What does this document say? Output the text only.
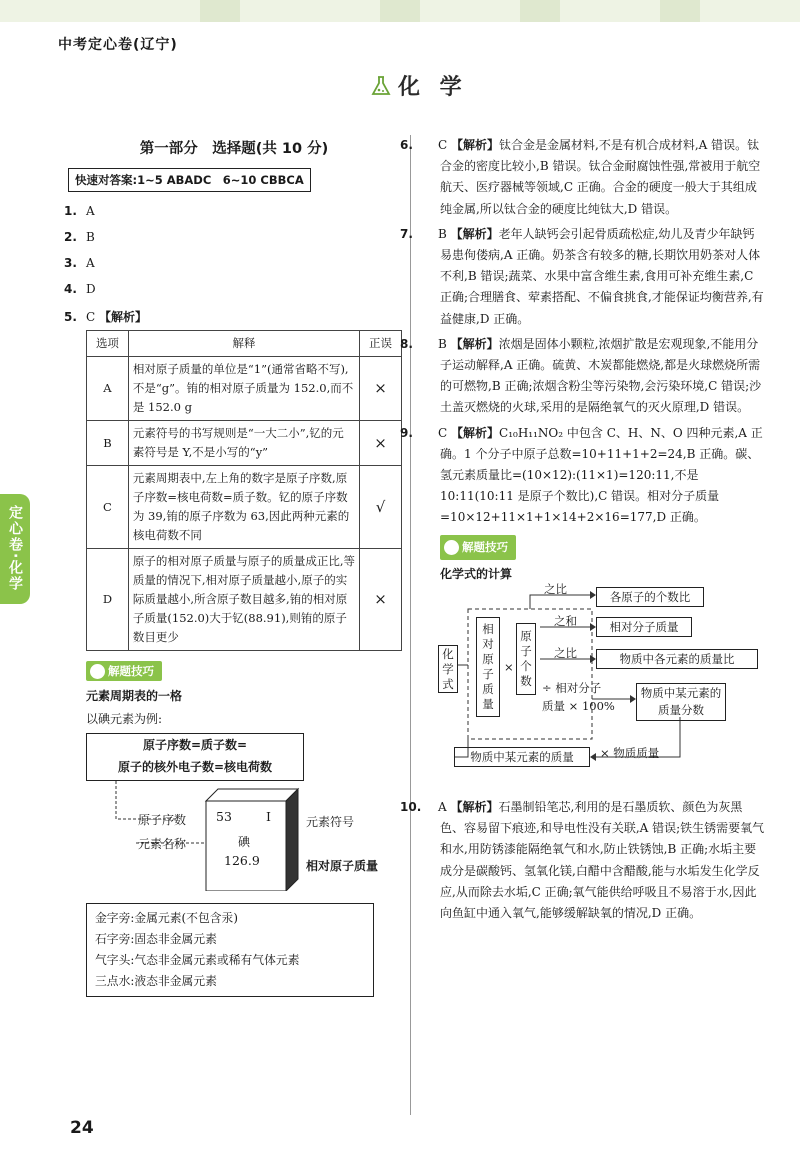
中考定心卷(辽宁)
化 学
定心卷·化学
第一部分　选择题(共 10 分)
快速对答案:1~5 ABADC　6~10 CBBCA
1. A
2. B
3. A
4. D
5. C 【解析】
选项	解释	正误
A	相对原子质量的单位是“1”(通常省略不写),不是“g”。铕的相对原子质量为 152.0,而不是 152.0 g	×
B	元素符号的书写规则是“一大二小”,钇的元素符号是 Y,不是小写的“y”	×
C	元素周期表中,左上角的数字是原子序数,原子序数=核电荷数=质子数。钇的原子序数为 39,铕的原子序数为 63,因此两种元素的核电荷数不同	√
D	原子的相对原子质量与原子的质量成正比,等质量的情况下,相对原子质量越小,原子的实际质量越小,所含原子数目越多,铕的相对原子质量(152.0)大于钇(88.91),则铕的原子数目更少	×
解题技巧
元素周期表的一格
以碘元素为例:
原子序数=质子数=
原子的核外电子数=核电荷数
原子序数
元素名称
53	I
碘
126.9
元素符号
相对原子质量
金字旁:金属元素(不包含汞)
石字旁:固态非金属元素
气字头:气态非金属元素或稀有气体元素
三点水:液态非金属元素
6. C 【解析】钛合金是金属材料,不是有机合成材料,A 错误。钛合金的密度比较小,B 错误。钛合金耐腐蚀性强,常被用于航空航天、医疗器械等领域,C 正确。合金的硬度一般大于其组成纯金属,所以钛合金的硬度比纯钛大,D 错误。
7. B 【解析】老年人缺钙会引起骨质疏松症,幼儿及青少年缺钙易患佝偻病,A 正确。奶茶含有较多的糖,长期饮用奶茶对人体不利,B 错误;蔬菜、水果中富含维生素,食用可补充维生素,C 正确;合理膳食、荤素搭配、不偏食挑食,才能保证均衡营养,有益健康,D 正确。
8. B 【解析】浓烟是固体小颗粒,浓烟扩散是宏观现象,不能用分子运动解释,A 正确。硫黄、木炭都能燃烧,都是火球燃烧所需的可燃物,B 正确;浓烟含粉尘等污染物,会污染环境,C 错误;沙土盖灭燃烧的火球,采用的是隔绝氧气的灭火原理,D 错误。
9. C 【解析】C₁₀H₁₁NO₂ 中包含 C、H、N、O 四种元素,A 正确。1 个分子中原子总数=10+11+1+2=24,B 正确。碳、氢元素质量比=(10×12):(11×1)=120:11,不是 10:11(10:11 是原子个数比),C 错误。相对分子质量=10×12+11×1+1×14+2×16=177,D 正确。
解题技巧
化学式的计算
化学式
相对原子质量
×
原子个数
之比
各原子的个数比
之和	相对分子质量
之比	物质中各元素的质量比
÷ 相对分子
质量 × 100%
物质中某元素的质量分数
物质中某元素的质量	× 物质质量
10. A 【解析】石墨制铅笔芯,利用的是石墨质软、颜色为灰黑色、容易留下痕迹,和导电性没有关联,A 错误;铁生锈需要氧气和水,用防锈漆能隔绝氧气和水,防止铁锈蚀,B 正确;水垢主要成分是碳酸钙、氢氧化镁,白醋中含醋酸,能与水垢发生化学反应,从而除去水垢,C 正确;氧气能供给呼吸且不易溶于水,因此向鱼缸中通入氧气,能够缓解缺氧的情况,D 正确。
24
